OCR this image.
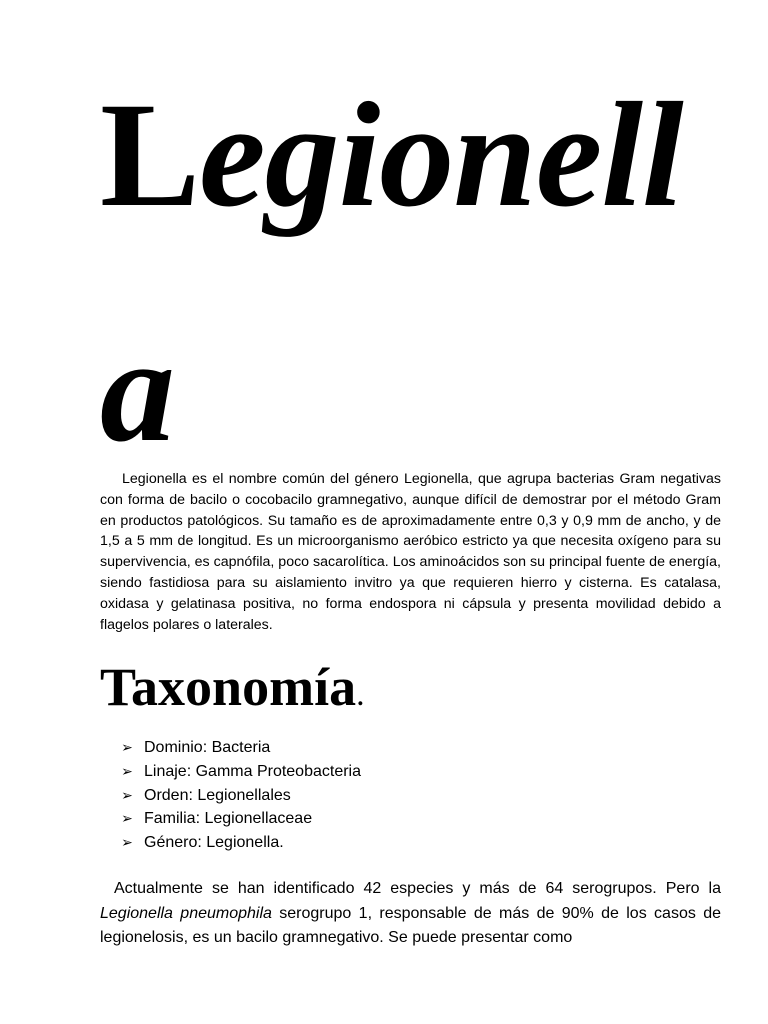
Legionell
a

Legionella es el nombre común del género Legionella, que agrupa bacterias Gram negativas con forma de bacilo o cocobacilo gramnegativo, aunque difícil de demostrar por el método Gram en productos patológicos. Su tamaño es de aproximadamente entre 0,3 y 0,9 mm de ancho, y de 1,5 a 5 mm de longitud. Es un microorganismo aeróbico estricto ya que necesita oxígeno para su supervivencia, es capnófila, poco sacarolítica. Los aminoácidos son su principal fuente de energía, siendo fastidiosa para su aislamiento invitro ya que requieren hierro y cisterna. Es catalasa, oxidasa y gelatinasa positiva, no forma endospora ni cápsula y presenta movilidad debido a flagelos polares o laterales.

Taxonomía.
➢ Dominio: Bacteria
➢ Linaje: Gamma Proteobacteria
➢ Orden: Legionellales
➢ Familia: Legionellaceae
➢ Género: Legionella.

Actualmente se han identificado 42 especies y más de 64 serogrupos. Pero la Legionella pneumophila serogrupo 1, responsable de más de 90% de los casos de legionelosis, es un bacilo gramnegativo. Se puede presentar como
